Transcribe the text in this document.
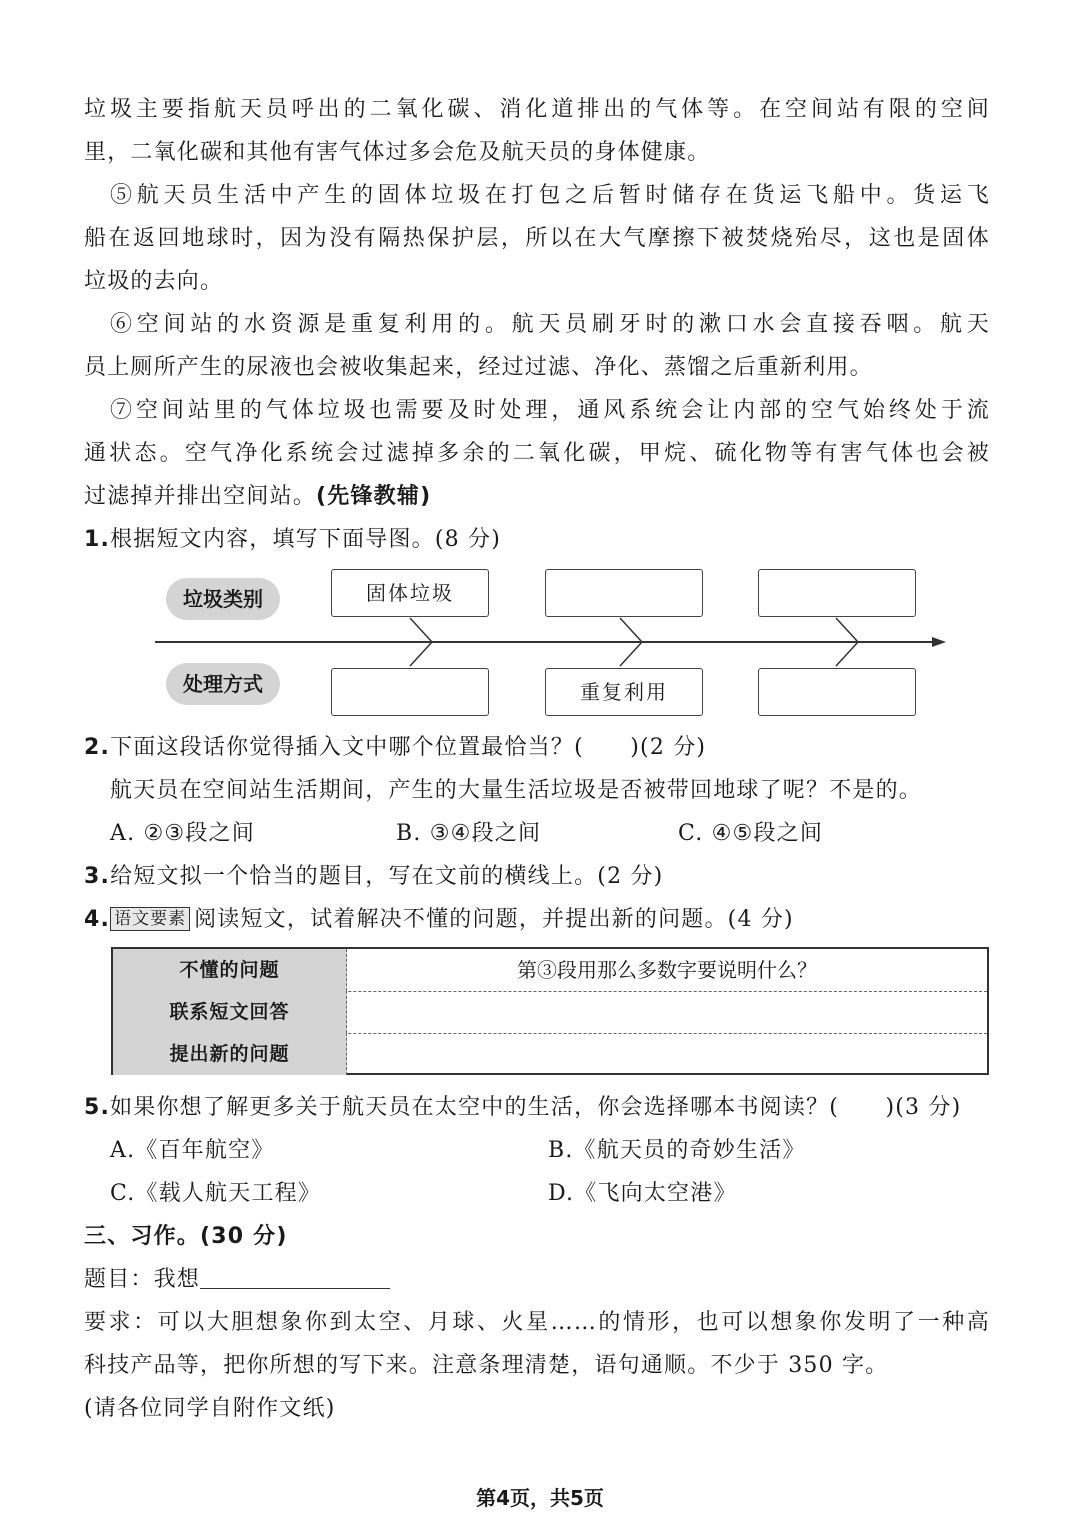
垃圾主要指航天员呼出的二氧化碳、消化道排出的气体等。在空间站有限的空间
里，二氧化碳和其他有害气体过多会危及航天员的身体健康。
⑤航天员生活中产生的固体垃圾在打包之后暂时储存在货运飞船中。货运飞
船在返回地球时，因为没有隔热保护层，所以在大气摩擦下被焚烧殆尽，这也是固体
垃圾的去向。
⑥空间站的水资源是重复利用的。航天员刷牙时的漱口水会直接吞咽。航天
员上厕所产生的尿液也会被收集起来，经过过滤、净化、蒸馏之后重新利用。
⑦空间站里的气体垃圾也需要及时处理，通风系统会让内部的空气始终处于流
通状态。空气净化系统会过滤掉多余的二氧化碳，甲烷、硫化物等有害气体也会被
过滤掉并排出空间站。(先锋教辅)
1.根据短文内容，填写下面导图。(8 分)
垃圾类别
处理方式
固体垃圾
重复利用
2.下面这段话你觉得插入文中哪个位置最恰当？(　　)(2 分)
航天员在空间站生活期间，产生的大量生活垃圾是否被带回地球了呢？不是的。
A. ②③段之间	B. ③④段之间	C. ④⑤段之间
3.给短文拟一个恰当的题目，写在文前的横线上。(2 分)
4. 语文要素 阅读短文，试着解决不懂的问题，并提出新的问题。(4 分)
不懂的问题	第③段用那么多数字要说明什么？
联系短文回答
提出新的问题
5.如果你想了解更多关于航天员在太空中的生活，你会选择哪本书阅读？(　　)(3 分)
A.《百年航空》	B.《航天员的奇妙生活》
C.《载人航天工程》	D.《飞向太空港》
三、习作。(30 分)
题目：我想
要求：可以大胆想象你到太空、月球、火星……的情形，也可以想象你发明了一种高
科技产品等，把你所想的写下来。注意条理清楚，语句通顺。不少于 350 字。
(请各位同学自附作文纸)
第4页，共5页
